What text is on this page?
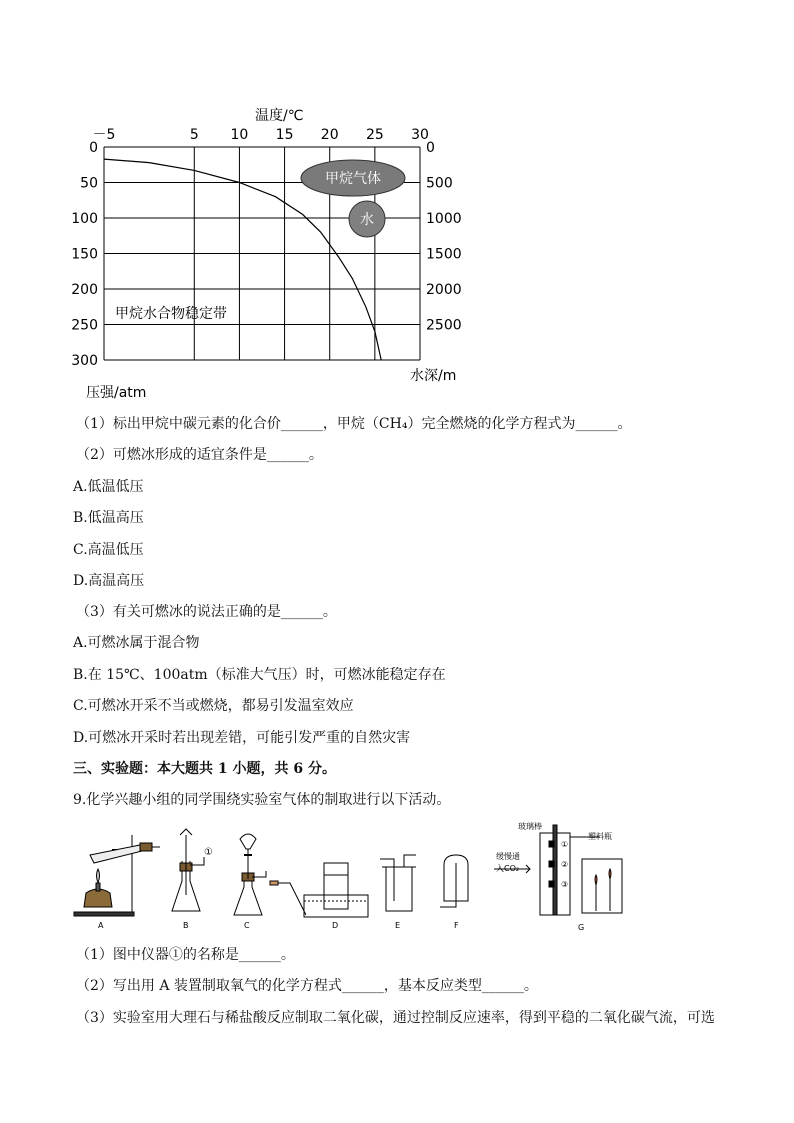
温度/℃
－5	5 10 15 20 25 30
0
50
100
150
200
250
300
0
500
1000
1500
2000
2500
甲烷气体
水
甲烷水合物稳定带
水深/m
压强/atm
（1）标出甲烷中碳元素的化合价______，甲烷（CH₄）完全燃烧的化学方程式为______。
（2）可燃冰形成的适宜条件是______。
A.低温低压
B.低温高压
C.高温低压
D.高温高压
（3）有关可燃冰的说法正确的是______。
A.可燃冰属于混合物
B.在 15℃、100atm（标准大气压）时，可燃冰能稳定存在
C.可燃冰开采不当或燃烧，都易引发温室效应
D.可燃冰开采时若出现差错，可能引发严重的自然灾害
三、实验题：本大题共 1 小题，共 6 分。
9.化学兴趣小组的同学围绕实验室气体的制取进行以下活动。
A
①
B	C	D	E	F
玻璃棒
塑料瓶
缓慢通
入CO₂
①
②
③
G
（1）图中仪器①的名称是______。
（2）写出用 A 装置制取氧气的化学方程式______，基本反应类型______。
（3）实验室用大理石与稀盐酸反应制取二氧化碳，通过控制反应速率，得到平稳的二氧化碳气流，可选
